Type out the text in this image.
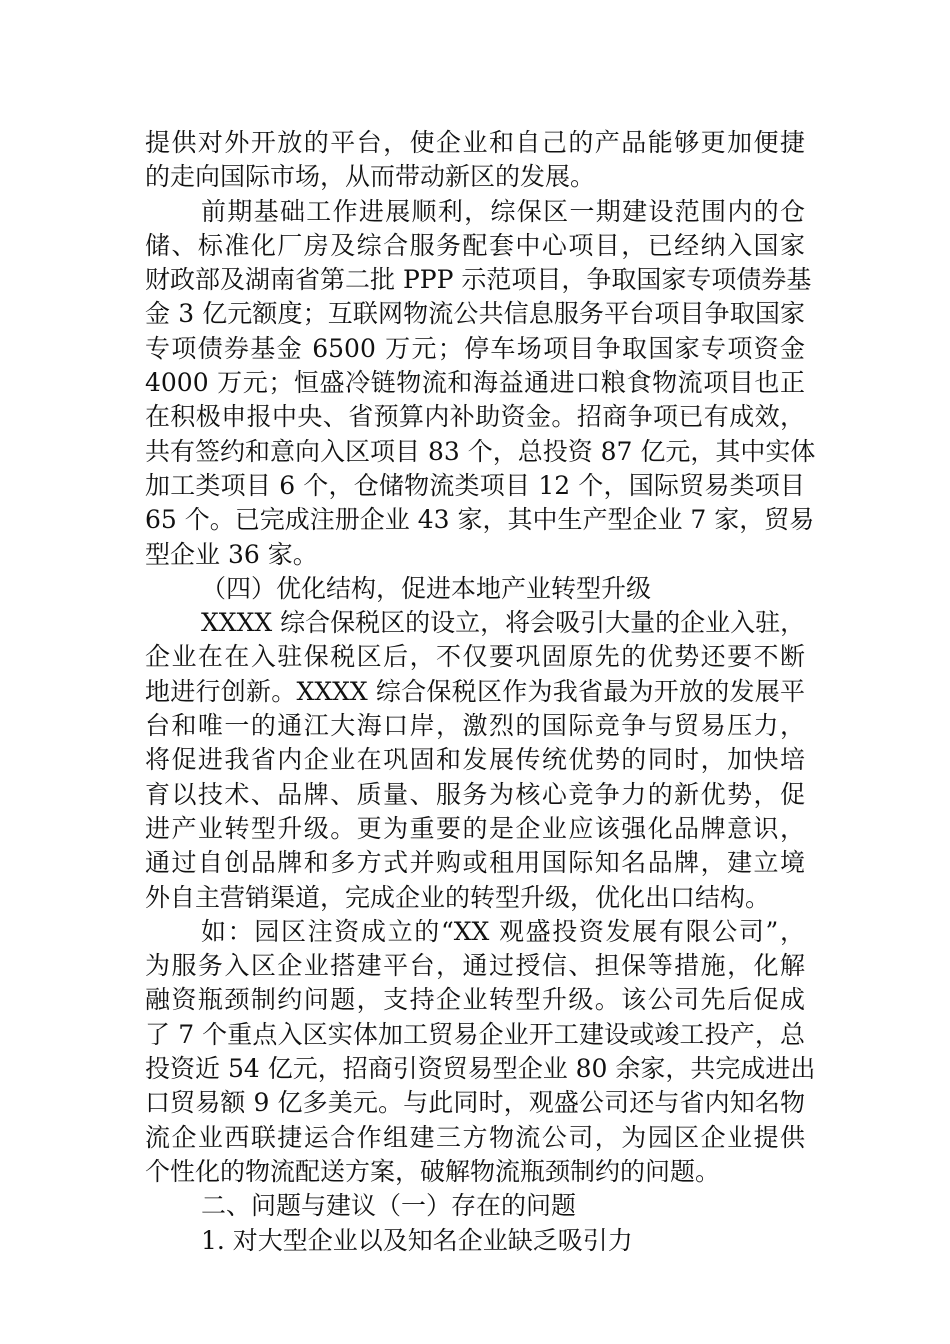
提供对外开放的平台，使企业和自己的产品能够更加便捷
的走向国际市场，从而带动新区的发展。
前期基础工作进展顺利，综保区一期建设范围内的仓
储、标准化厂房及综合服务配套中心项目，已经纳入国家
财政部及湖南省第二批 PPP 示范项目，争取国家专项债券基
金 3 亿元额度；互联网物流公共信息服务平台项目争取国家
专项债券基金 6500 万元；停车场项目争取国家专项资金
4000 万元；恒盛冷链物流和海益通进口粮食物流项目也正
在积极申报中央、省预算内补助资金。招商争项已有成效，
共有签约和意向入区项目 83 个，总投资 87 亿元，其中实体
加工类项目 6 个，仓储物流类项目 12 个，国际贸易类项目
65 个。已完成注册企业 43 家，其中生产型企业 7 家，贸易
型企业 36 家。
（四）优化结构，促进本地产业转型升级
XXXX 综合保税区的设立，将会吸引大量的企业入驻，
企业在在入驻保税区后，不仅要巩固原先的优势还要不断
地进行创新。XXXX 综合保税区作为我省最为开放的发展平
台和唯一的通江大海口岸，激烈的国际竞争与贸易压力，
将促进我省内企业在巩固和发展传统优势的同时，加快培
育以技术、品牌、质量、服务为核心竞争力的新优势，促
进产业转型升级。更为重要的是企业应该强化品牌意识，
通过自创品牌和多方式并购或租用国际知名品牌，建立境
外自主营销渠道，完成企业的转型升级，优化出口结构。
如：园区注资成立的“XX 观盛投资发展有限公司”，
为服务入区企业搭建平台，通过授信、担保等措施，化解
融资瓶颈制约问题，支持企业转型升级。该公司先后促成
了 7 个重点入区实体加工贸易企业开工建设或竣工投产，总
投资近 54 亿元，招商引资贸易型企业 80 余家，共完成进出
口贸易额 9 亿多美元。与此同时，观盛公司还与省内知名物
流企业西联捷运合作组建三方物流公司，为园区企业提供
个性化的物流配送方案，破解物流瓶颈制约的问题。
二、问题与建议（一）存在的问题
1. 对大型企业以及知名企业缺乏吸引力
